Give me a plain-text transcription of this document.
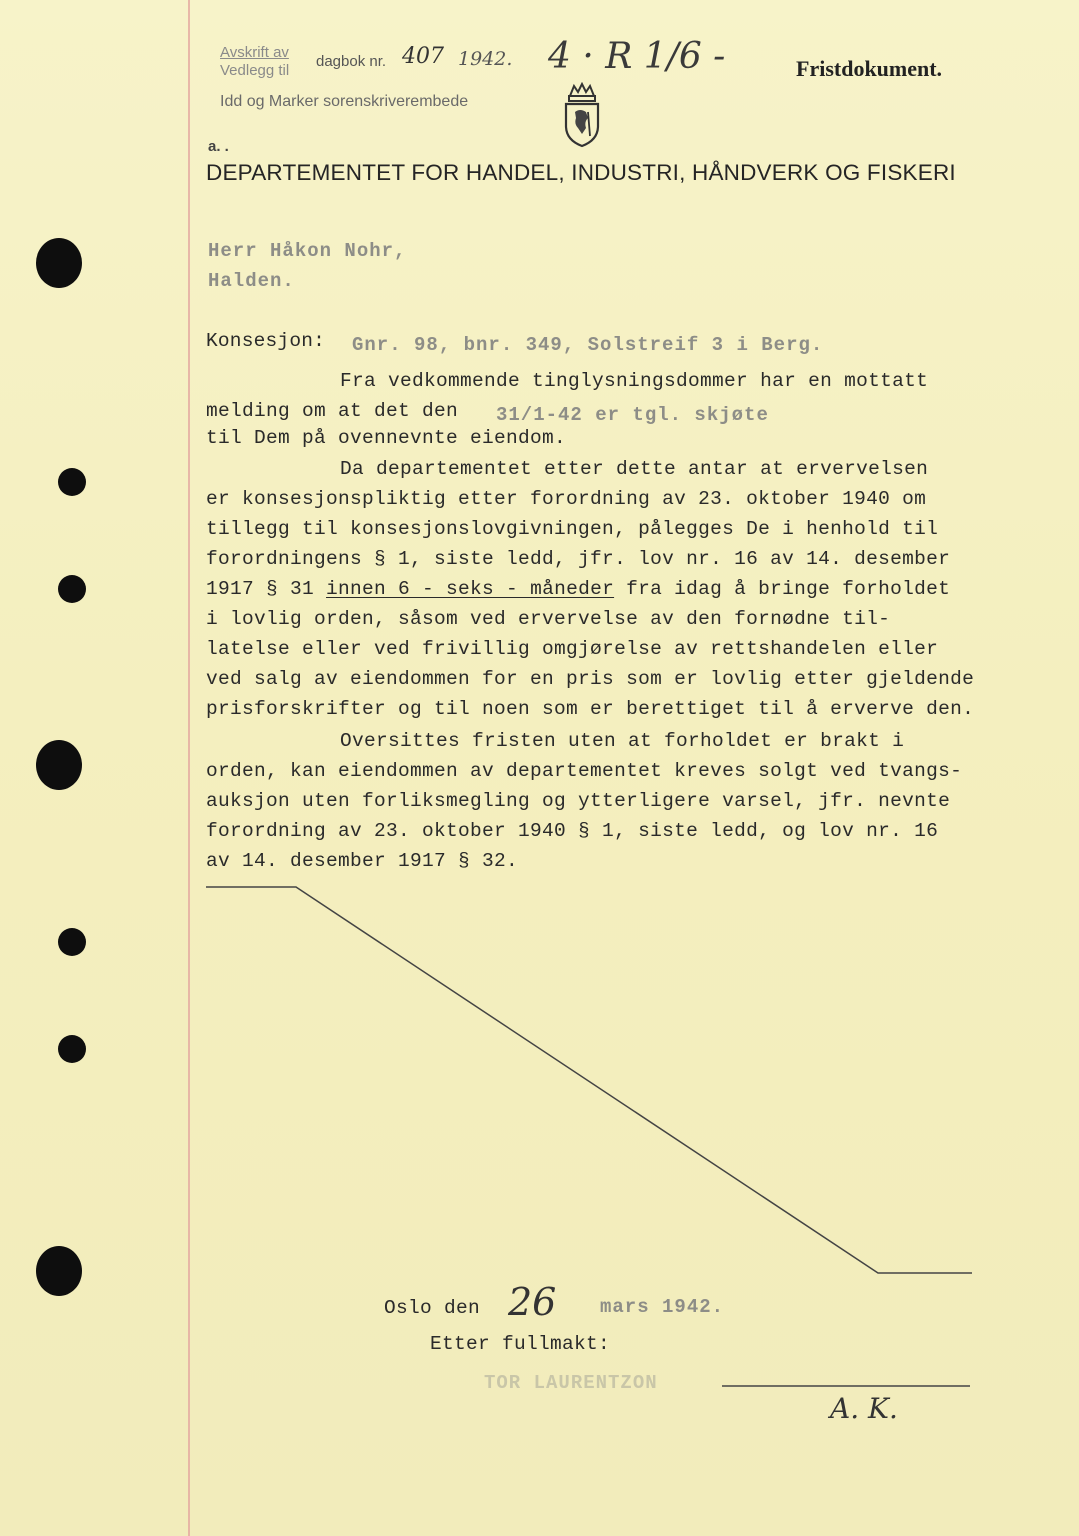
Avskrift av
Vedlegg til
dagbok nr. 407 1942.
Idd og Marker sorenskriverembede
4 · R 1/6 -	Fristdokument.
a. .
DEPARTEMENTET FOR HANDEL, INDUSTRI, HÅNDVERK OG FISKERI
Herr Håkon Nohr,
Halden.
Konsesjon: Gnr. 98, bnr. 349, Solstreif 3 i Berg.
Fra vedkommende tinglysningsdommer har en mottatt
melding om at det den 31/1-42 er tgl. skjøte
til Dem på ovennevnte eiendom.
Da departementet etter dette antar at ervervelsen
er konsesjonspliktig etter forordning av 23. oktober 1940 om
tillegg til konsesjonslovgivningen, pålegges De i henhold til
forordningens § 1, siste ledd, jfr. lov nr. 16 av 14. desember
1917 § 31 innen 6 - seks - måneder fra idag å bringe forholdet
i lovlig orden, såsom ved ervervelse av den fornødne til-
latelse eller ved frivillig omgjørelse av rettshandelen eller
ved salg av eiendommen for en pris som er lovlig etter gjeldende
prisforskrifter og til noen som er berettiget til å erverve den.
Oversittes fristen uten at forholdet er brakt i
orden, kan eiendommen av departementet kreves solgt ved tvangs-
auksjon uten forliksmegling og ytterligere varsel, jfr. nevnte
forordning av 23. oktober 1940 § 1, siste ledd, og lov nr. 16
av 14. desember 1917 § 32.
Oslo den 26 mars 1942.
Etter fullmakt:
TOR LAURENTZON
A. K.
